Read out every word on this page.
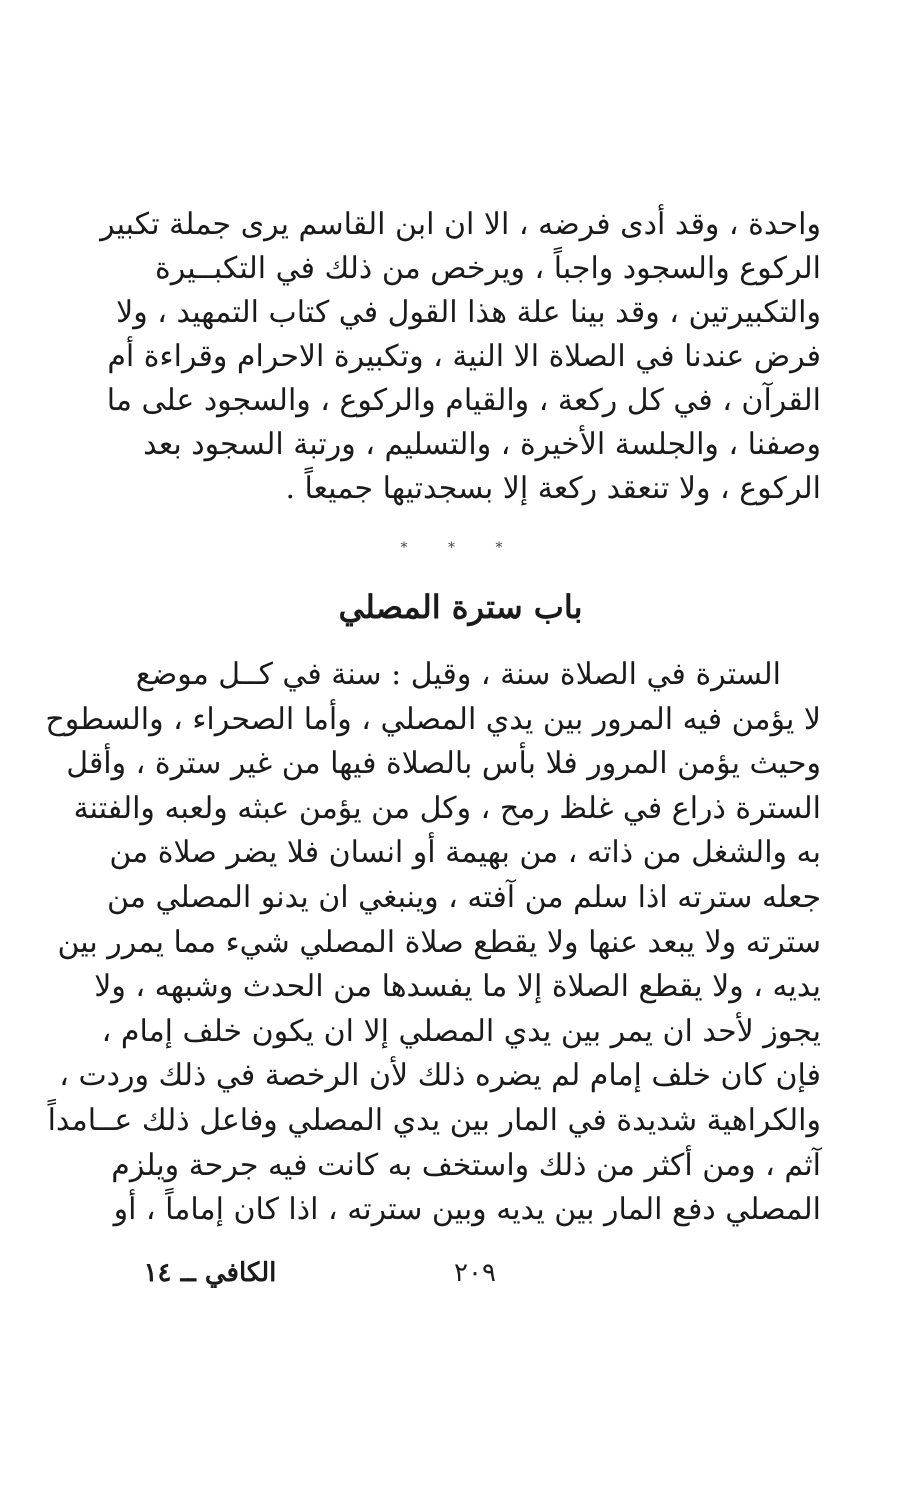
واحدة ، وقد أدى فرضه ، الا ان ابن القاسم يرى جملة تكبير
الركوع والسجود واجباً ، ويرخص من ذلك في التكبــيرة
والتكبيرتين ، وقد بينا علة هذا القول في كتاب التمهيد ، ولا
فرض عندنا في الصلاة الا النية ، وتكبيرة الاحرام وقراءة أم
القرآن ، في كل ركعة ، والقيام والركوع ، والسجود على ما
وصفنا ، والجلسة الأخيرة ، والتسليم ، ورتبة السجود بعد
الركوع ، ولا تنعقد ركعة إلا بسجدتيها جميعاً .
* * *
باب سترة المصلي
السترة في الصلاة سنة ، وقيل : سنة في كــل موضع
لا يؤمن فيه المرور بين يدي المصلي ، وأما الصحراء ، والسطوح
وحيث يؤمن المرور فلا بأس بالصلاة فيها من غير سترة ، وأقل
السترة ذراع في غلظ رمح ، وكل من يؤمن عبثه ولعبه والفتنة
به والشغل من ذاته ، من بهيمة أو انسان فلا يضر صلاة من
جعله سترته اذا سلم من آفته ، وينبغي ان يدنو المصلي من
سترته ولا يبعد عنها ولا يقطع صلاة المصلي شيء مما يمرر بين
يديه ، ولا يقطع الصلاة إلا ما يفسدها من الحدث وشبهه ، ولا
يجوز لأحد ان يمر بين يدي المصلي إلا ان يكون خلف إمام ،
فإن كان خلف إمام لم يضره ذلك لأن الرخصة في ذلك وردت ،
والكراهية شديدة في المار بين يدي المصلي وفاعل ذلك عــامداً
آثم ، ومن أكثر من ذلك واستخف به كانت فيه جرحة ويلزم
المصلي دفع المار بين يديه وبين سترته ، اذا كان إماماً ، أو
٢٠٩
الكافي ــ ١٤
